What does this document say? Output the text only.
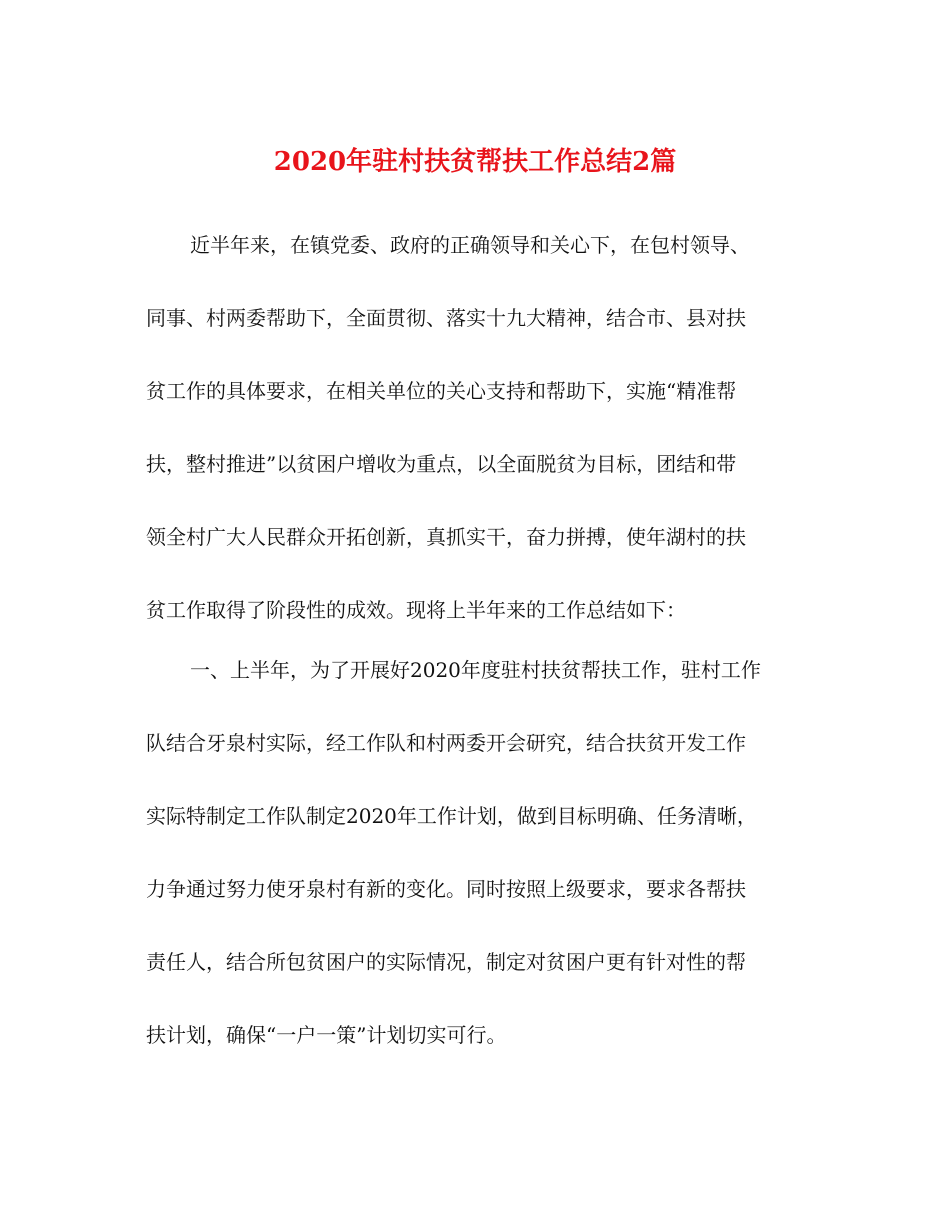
2020年驻村扶贫帮扶工作总结2篇
近半年来，在镇党委、政府的正确领导和关心下，在包村领导、
同事、村两委帮助下，全面贯彻、落实十九大精神，结合市、县对扶
贫工作的具体要求，在相关单位的关心支持和帮助下，实施“精准帮
扶，整村推进”以贫困户增收为重点，以全面脱贫为目标，团结和带
领全村广大人民群众开拓创新，真抓实干，奋力拼搏，使年湖村的扶
贫工作取得了阶段性的成效。现将上半年来的工作总结如下：
一、上半年，为了开展好2020年度驻村扶贫帮扶工作，驻村工作
队结合牙泉村实际，经工作队和村两委开会研究，结合扶贫开发工作
实际特制定工作队制定2020年工作计划，做到目标明确、任务清晰，
力争通过努力使牙泉村有新的变化。同时按照上级要求，要求各帮扶
责任人，结合所包贫困户的实际情况，制定对贫困户更有针对性的帮
扶计划，确保“一户一策”计划切实可行。
